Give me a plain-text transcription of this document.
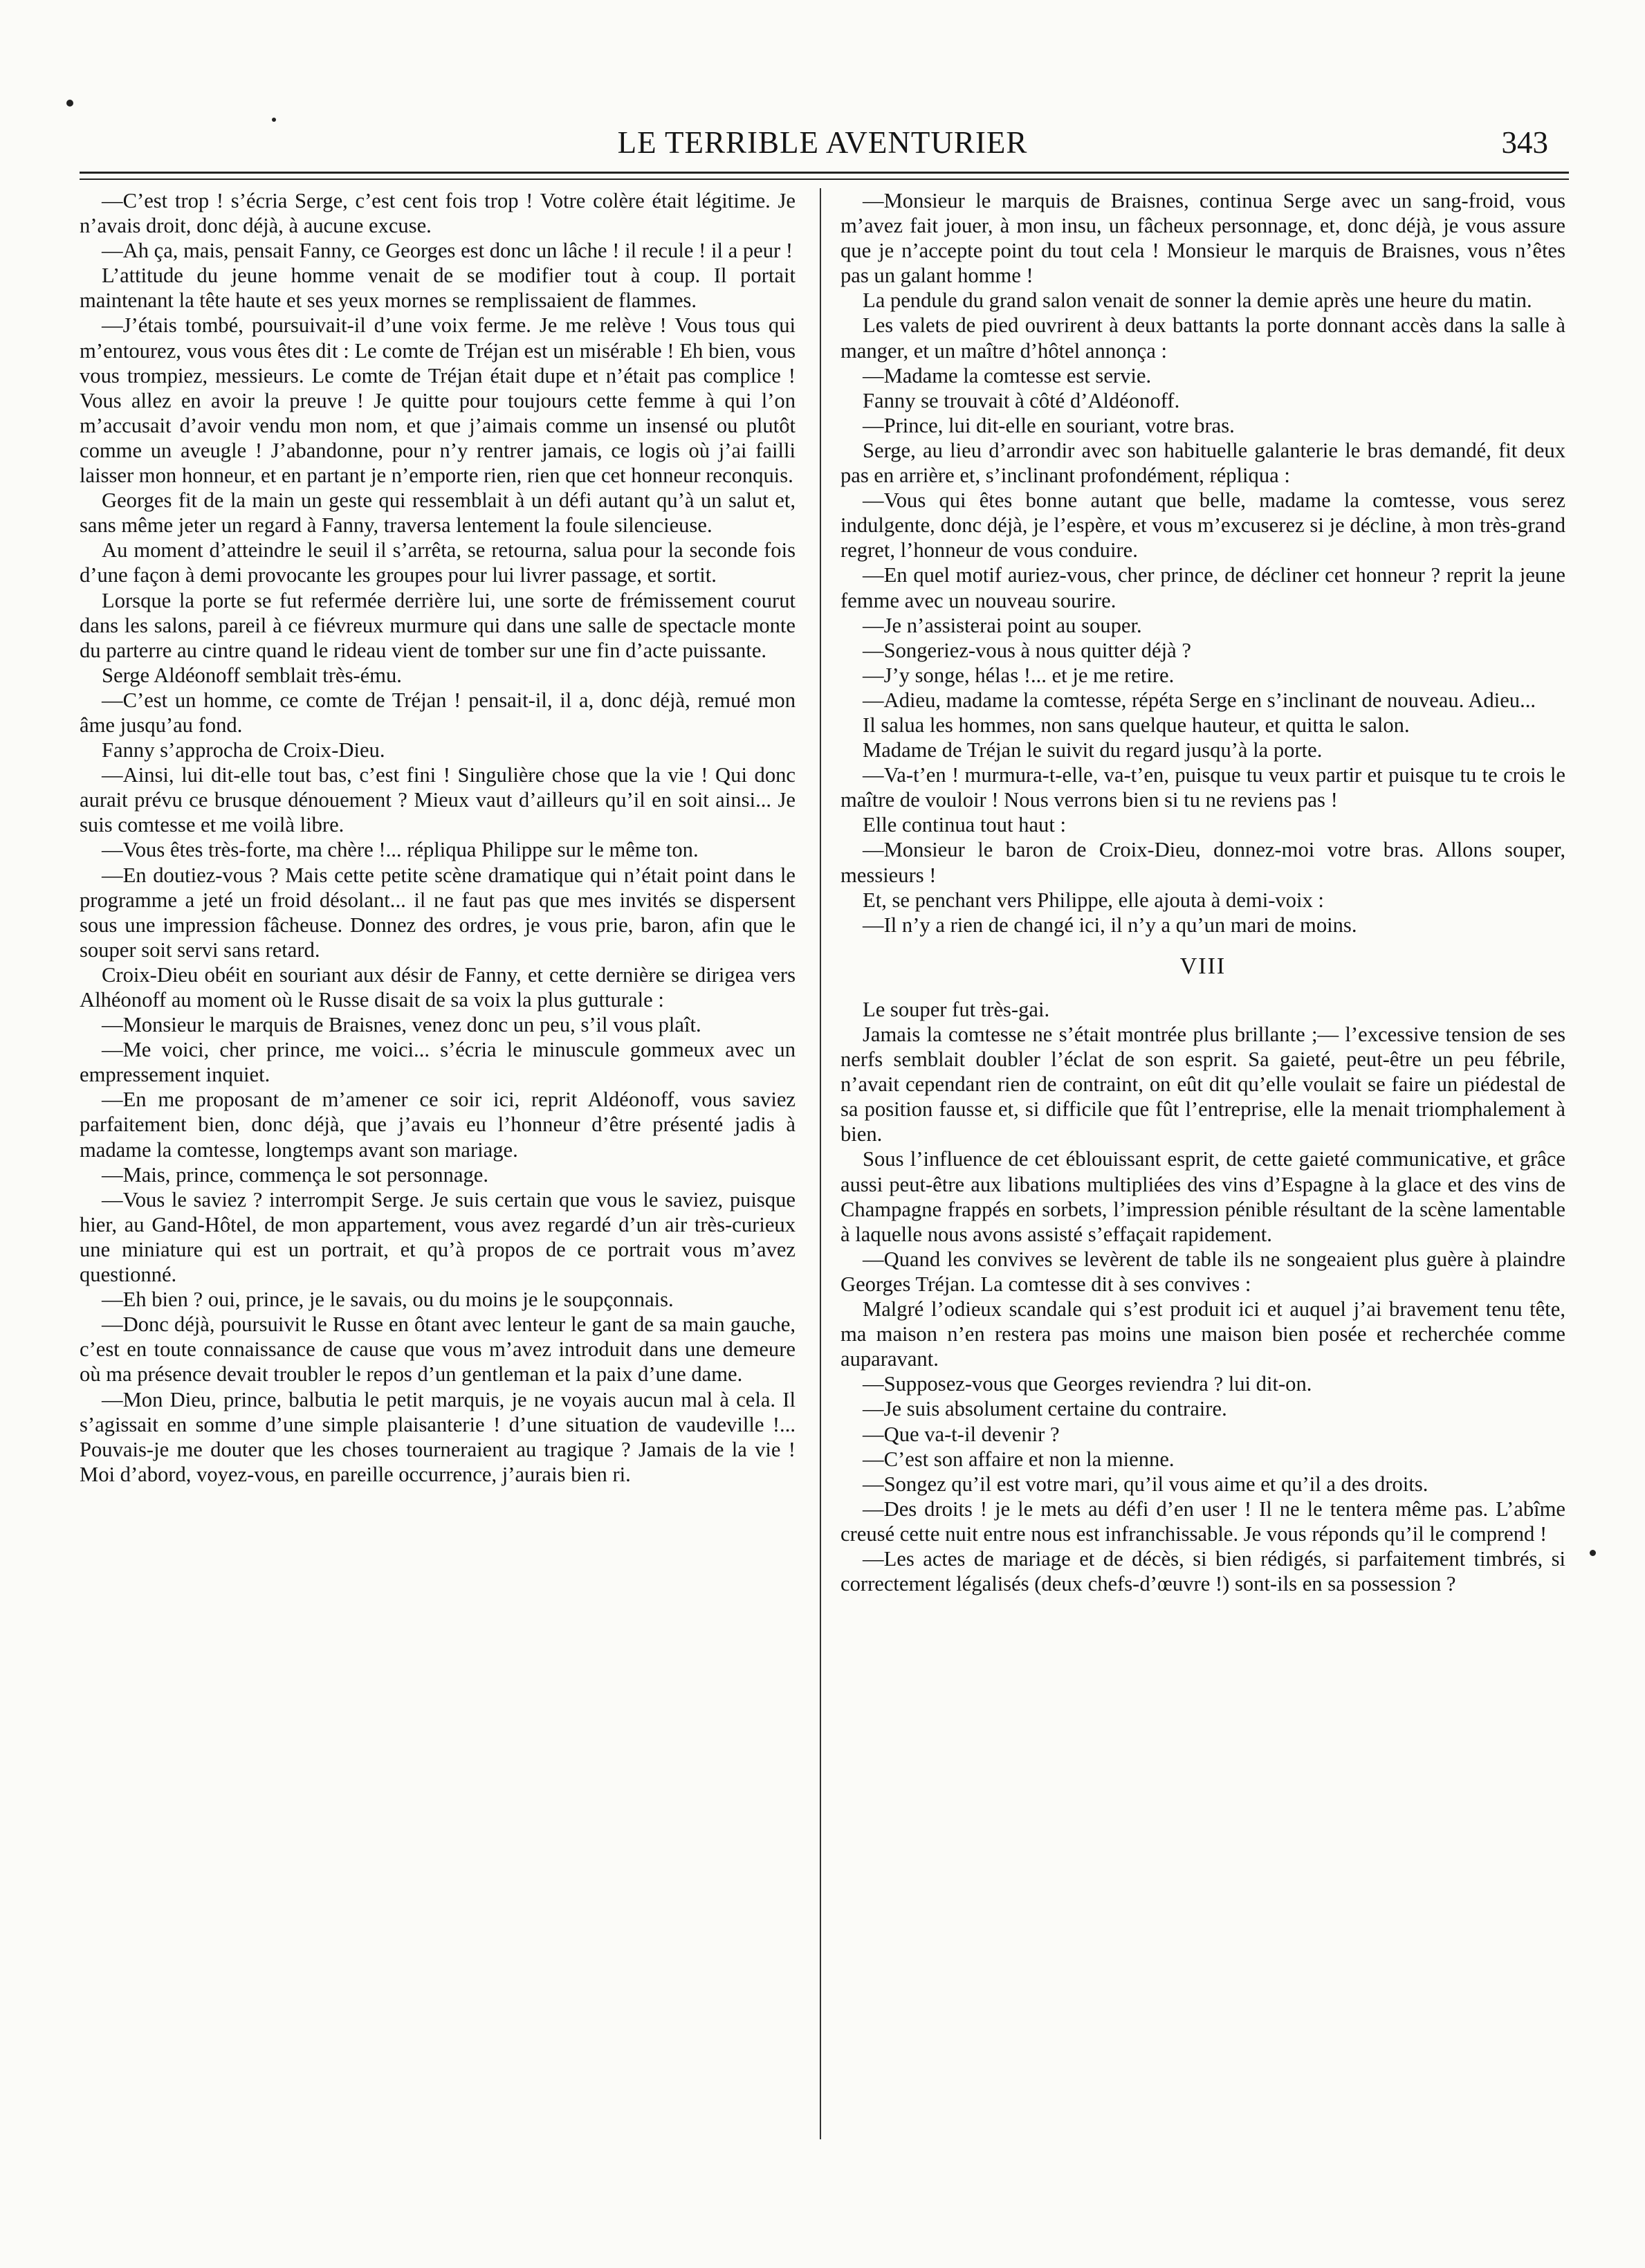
LE TERRIBLE AVENTURIER	343

—C’est trop ! s’écria Serge, c’est cent fois trop ! Votre colère était légitime. Je n’avais droit, donc déjà, à aucune excuse.

—Ah ça, mais, pensait Fanny, ce Georges est donc un lâche ! il recule ! il a peur !

L’attitude du jeune homme venait de se modifier tout à coup. Il portait maintenant la tête haute et ses yeux mornes se remplissaient de flammes.

—J’étais tombé, poursuivait-il d’une voix ferme. Je me relève ! Vous tous qui m’entourez, vous vous êtes dit : Le comte de Tréjan est un misérable ! Eh bien, vous vous trompiez, messieurs. Le comte de Tréjan était dupe et n’était pas complice ! Vous allez en avoir la preuve ! Je quitte pour toujours cette femme à qui l’on m’accusait d’avoir vendu mon nom, et que j’aimais comme un insensé ou plutôt comme un aveugle ! J’abandonne, pour n’y rentrer jamais, ce logis où j’ai failli laisser mon honneur, et en partant je n’emporte rien, rien que cet honneur reconquis.

Georges fit de la main un geste qui ressemblait à un défi autant qu’à un salut et, sans même jeter un regard à Fanny, traversa lentement la foule silencieuse.

Au moment d’atteindre le seuil il s’arrêta, se retourna, salua pour la seconde fois d’une façon à demi provocante les groupes pour lui livrer passage, et sortit.

Lorsque la porte se fut refermée derrière lui, une sorte de frémissement courut dans les salons, pareil à ce fiévreux murmure qui dans une salle de spectacle monte du parterre au cintre quand le rideau vient de tomber sur une fin d’acte puissante.

Serge Aldéonoff semblait très-ému.

—C’est un homme, ce comte de Tréjan ! pensait-il, il a, donc déjà, remué mon âme jusqu’au fond.

Fanny s’approcha de Croix-Dieu.

—Ainsi, lui dit-elle tout bas, c’est fini ! Singulière chose que la vie ! Qui donc aurait prévu ce brusque dénouement ? Mieux vaut d’ailleurs qu’il en soit ainsi... Je suis comtesse et me voilà libre.

—Vous êtes très-forte, ma chère !... répliqua Philippe sur le même ton.

—En doutiez-vous ? Mais cette petite scène dramatique qui n’était point dans le programme a jeté un froid désolant... il ne faut pas que mes invités se dispersent sous une impression fâcheuse. Donnez des ordres, je vous prie, baron, afin que le souper soit servi sans retard.

Croix-Dieu obéit en souriant aux désir de Fanny, et cette dernière se dirigea vers Alhéonoff au moment où le Russe disait de sa voix la plus gutturale :

—Monsieur le marquis de Braisnes, venez donc un peu, s’il vous plaît.

—Me voici, cher prince, me voici... s’écria le minuscule gommeux avec un empressement inquiet.

—En me proposant de m’amener ce soir ici, reprit Aldéonoff, vous saviez parfaitement bien, donc déjà, que j’avais eu l’honneur d’être présenté jadis à madame la comtesse, longtemps avant son mariage.

—Mais, prince, commença le sot personnage.

—Vous le saviez ? interrompit Serge. Je suis certain que vous le saviez, puisque hier, au Gand-Hôtel, de mon appartement, vous avez regardé d’un air très-curieux une miniature qui est un portrait, et qu’à propos de ce portrait vous m’avez questionné.

—Eh bien ? oui, prince, je le savais, ou du moins je le soupçonnais.

—Donc déjà, poursuivit le Russe en ôtant avec lenteur le gant de sa main gauche, c’est en toute connaissance de cause que vous m’avez introduit dans une demeure où ma présence devait troubler le repos d’un gentleman et la paix d’une dame.

—Mon Dieu, prince, balbutia le petit marquis, je ne voyais aucun mal à cela. Il s’agissait en somme d’une simple plaisanterie ! d’une situation de vaudeville !... Pouvais-je me douter que les choses tourneraient au tragique ? Jamais de la vie ! Moi d’abord, voyez-vous, en pareille occurrence, j’aurais bien ri.

—Monsieur le marquis de Braisnes, continua Serge avec un sang-froid, vous m’avez fait jouer, à mon insu, un fâcheux personnage, et, donc déjà, je vous assure que je n’accepte point du tout cela ! Monsieur le marquis de Braisnes, vous n’êtes pas un galant homme !

La pendule du grand salon venait de sonner la demie après une heure du matin.

Les valets de pied ouvrirent à deux battants la porte donnant accès dans la salle à manger, et un maître d’hôtel annonça :

—Madame la comtesse est servie.

Fanny se trouvait à côté d’Aldéonoff.

—Prince, lui dit-elle en souriant, votre bras.

Serge, au lieu d’arrondir avec son habituelle galanterie le bras demandé, fit deux pas en arrière et, s’inclinant profondément, répliqua :

—Vous qui êtes bonne autant que belle, madame la comtesse, vous serez indulgente, donc déjà, je l’espère, et vous m’excuserez si je décline, à mon très-grand regret, l’honneur de vous conduire.

—En quel motif auriez-vous, cher prince, de décliner cet honneur ? reprit la jeune femme avec un nouveau sourire.

—Je n’assisterai point au souper.

—Songeriez-vous à nous quitter déjà ?

—J’y songe, hélas !... et je me retire.

—Adieu, madame la comtesse, répéta Serge en s’inclinant de nouveau. Adieu...

Il salua les hommes, non sans quelque hauteur, et quitta le salon.

Madame de Tréjan le suivit du regard jusqu’à la porte.

—Va-t’en ! murmura-t-elle, va-t’en, puisque tu veux partir et puisque tu te crois le maître de vouloir ! Nous verrons bien si tu ne reviens pas !

Elle continua tout haut :

—Monsieur le baron de Croix-Dieu, donnez-moi votre bras. Allons souper, messieurs !

Et, se penchant vers Philippe, elle ajouta à demi-voix :

—Il n’y a rien de changé ici, il n’y a qu’un mari de moins.

VIII

Le souper fut très-gai.

Jamais la comtesse ne s’était montrée plus brillante ;— l’excessive tension de ses nerfs semblait doubler l’éclat de son esprit. Sa gaieté, peut-être un peu fébrile, n’avait cependant rien de contraint, on eût dit qu’elle voulait se faire un piédestal de sa position fausse et, si difficile que fût l’entreprise, elle la menait triomphalement à bien.

Sous l’influence de cet éblouissant esprit, de cette gaieté communicative, et grâce aussi peut-être aux libations multipliées des vins d’Espagne à la glace et des vins de Champagne frappés en sorbets, l’impression pénible résultant de la scène lamentable à laquelle nous avons assisté s’effaçait rapidement.

—Quand les convives se levèrent de table ils ne songeaient plus guère à plaindre Georges Tréjan. La comtesse dit à ses convives :

Malgré l’odieux scandale qui s’est produit ici et auquel j’ai bravement tenu tête, ma maison n’en restera pas moins une maison bien posée et recherchée comme auparavant.

—Supposez-vous que Georges reviendra ? lui dit-on.

—Je suis absolument certaine du contraire.

—Que va-t-il devenir ?

—C’est son affaire et non la mienne.

—Songez qu’il est votre mari, qu’il vous aime et qu’il a des droits.

—Des droits ! je le mets au défi d’en user ! Il ne le tentera même pas. L’abîme creusé cette nuit entre nous est infranchissable. Je vous réponds qu’il le comprend !

—Les actes de mariage et de décès, si bien rédigés, si parfaitement timbrés, si correctement légalisés (deux chefs-d’œuvre !) sont-ils en sa possession ?
